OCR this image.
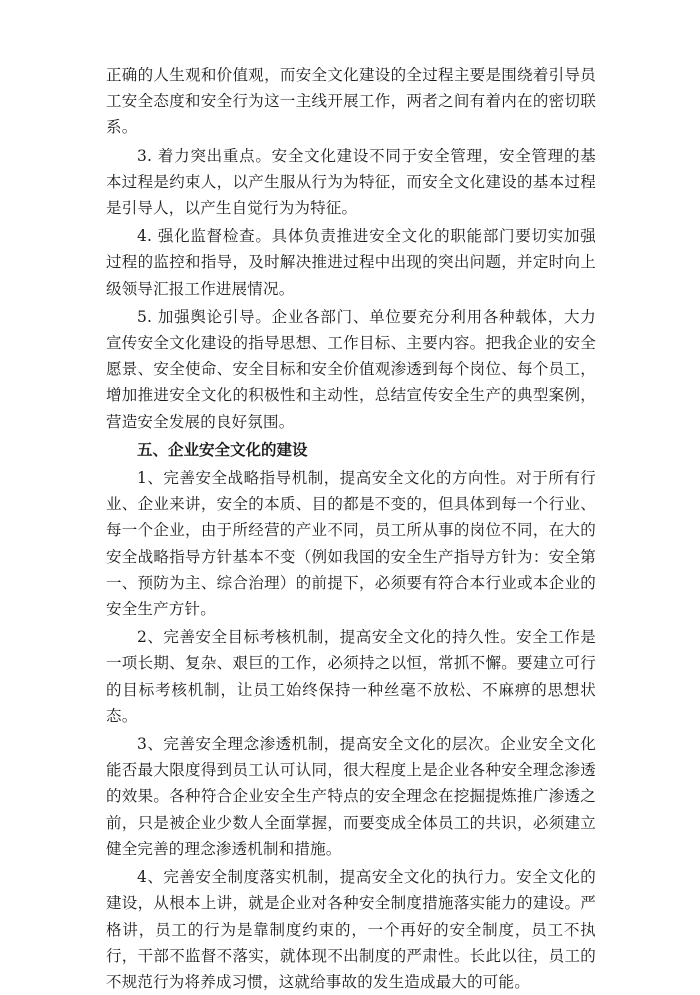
正确的人生观和价值观，而安全文化建设的全过程主要是围绕着引导员工安全态度和安全行为这一主线开展工作，两者之间有着内在的密切联系。

3. 着力突出重点。安全文化建设不同于安全管理，安全管理的基本过程是约束人，以产生服从行为为特征，而安全文化建设的基本过程是引导人，以产生自觉行为为特征。

4. 强化监督检查。具体负责推进安全文化的职能部门要切实加强过程的监控和指导，及时解决推进过程中出现的突出问题，并定时向上级领导汇报工作进展情况。

5. 加强舆论引导。企业各部门、单位要充分利用各种载体，大力宣传安全文化建设的指导思想、工作目标、主要内容。把我企业的安全愿景、安全使命、安全目标和安全价值观渗透到每个岗位、每个员工，增加推进安全文化的积极性和主动性，总结宣传安全生产的典型案例，营造安全发展的良好氛围。

五、企业安全文化的建设

1、完善安全战略指导机制，提高安全文化的方向性。对于所有行业、企业来讲，安全的本质、目的都是不变的，但具体到每一个行业、每一个企业，由于所经营的产业不同，员工所从事的岗位不同，在大的安全战略指导方针基本不变（例如我国的安全生产指导方针为：安全第一、预防为主、综合治理）的前提下，必须要有符合本行业或本企业的安全生产方针。

2、完善安全目标考核机制，提高安全文化的持久性。安全工作是一项长期、复杂、艰巨的工作，必须持之以恒，常抓不懈。要建立可行的目标考核机制，让员工始终保持一种丝毫不放松、不麻痹的思想状态。

3、完善安全理念渗透机制，提高安全文化的层次。企业安全文化能否最大限度得到员工认可认同，很大程度上是企业各种安全理念渗透的效果。各种符合企业安全生产特点的安全理念在挖掘提炼推广渗透之前，只是被企业少数人全面掌握，而要变成全体员工的共识，必须建立健全完善的理念渗透机制和措施。

4、完善安全制度落实机制，提高安全文化的执行力。安全文化的建设，从根本上讲，就是企业对各种安全制度措施落实能力的建设。严格讲，员工的行为是靠制度约束的，一个再好的安全制度，员工不执行，干部不监督不落实，就体现不出制度的严肃性。长此以往，员工的不规范行为将养成习惯，这就给事故的发生造成最大的可能。
